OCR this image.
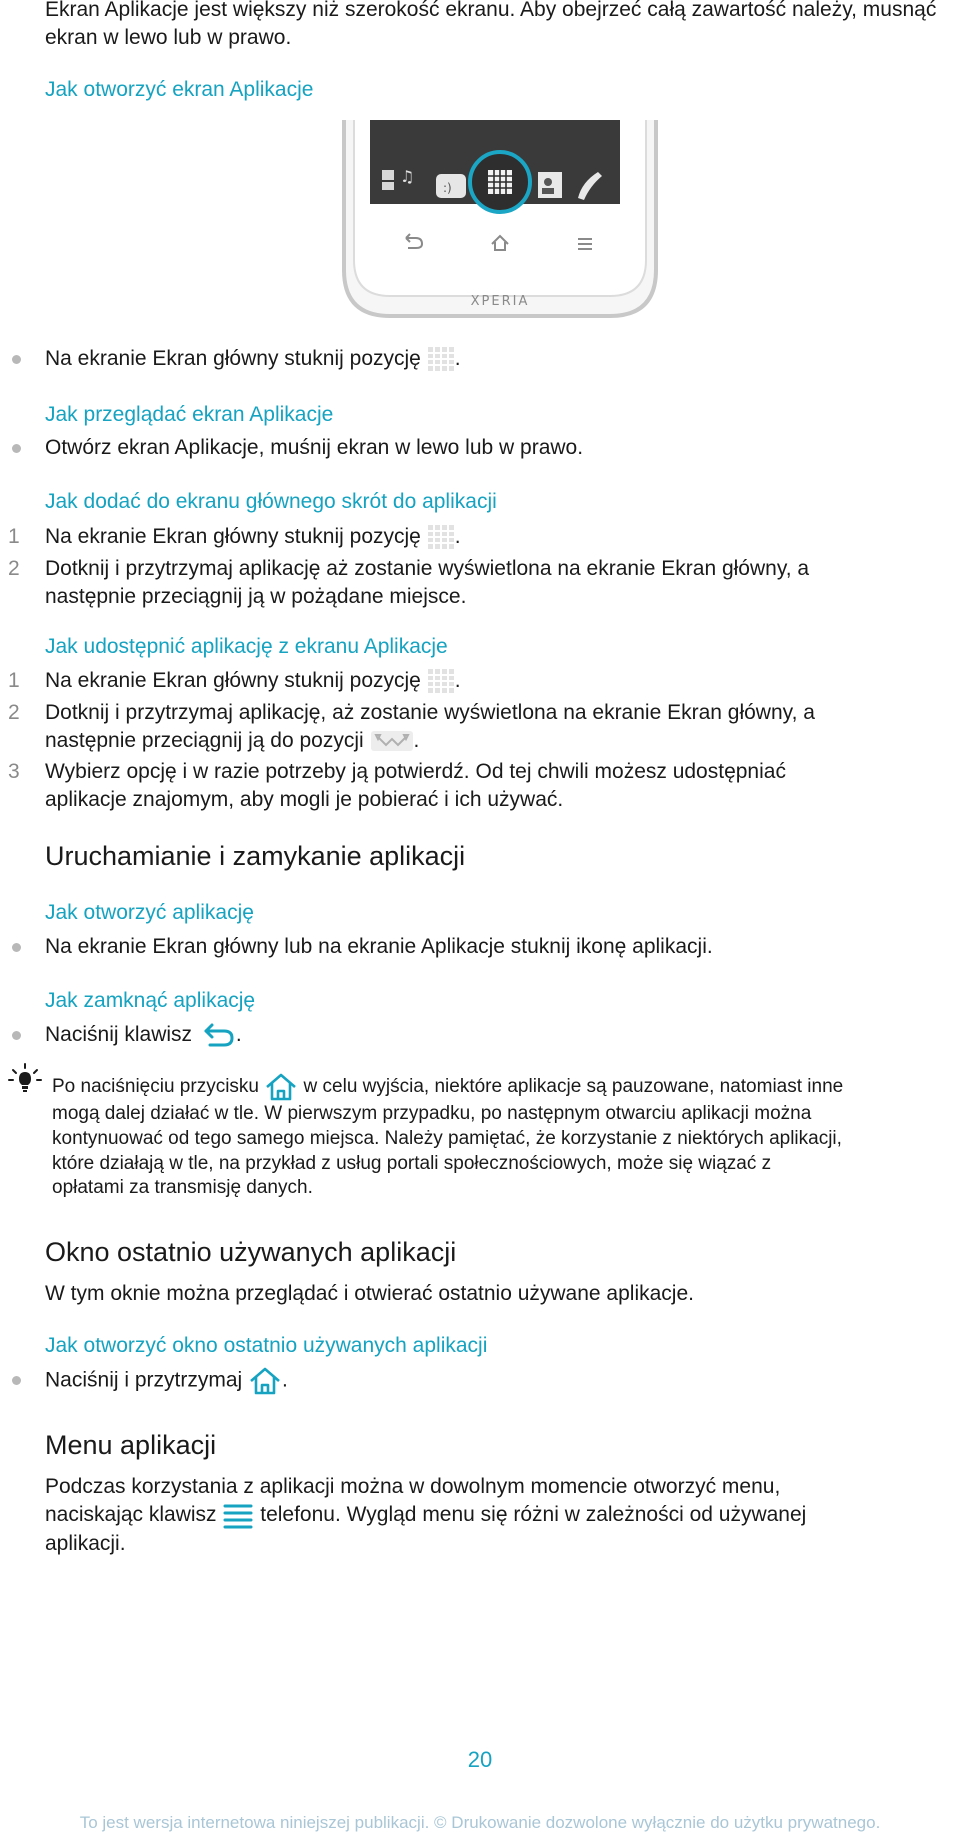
Ekran Aplikacje jest większy niż szerokość ekranu. Aby obejrzeć całą zawartość należy, musnąć ekran w lewo lub w prawo.
Jak otworzyć ekran Aplikacje
♫
:)
XPERIA
Na ekranie Ekran główny stuknij pozycję .
Jak przeglądać ekran Aplikacje
Otwórz ekran Aplikacje, muśnij ekran w lewo lub w prawo.
Jak dodać do ekranu głównego skrót do aplikacji
1 Na ekranie Ekran główny stuknij pozycję .
2 Dotknij i przytrzymaj aplikację aż zostanie wyświetlona na ekranie Ekran główny, a
następnie przeciągnij ją w pożądane miejsce.
Jak udostępnić aplikację z ekranu Aplikacje
1 Na ekranie Ekran główny stuknij pozycję .
2 Dotknij i przytrzymaj aplikację, aż zostanie wyświetlona na ekranie Ekran główny, a
następnie przeciągnij ją do pozycji .
3 Wybierz opcję i w razie potrzeby ją potwierdź. Od tej chwili możesz udostępniać
aplikacje znajomym, aby mogli je pobierać i ich używać.
Uruchamianie i zamykanie aplikacji
Jak otworzyć aplikację
Na ekranie Ekran główny lub na ekranie Aplikacje stuknij ikonę aplikacji.
Jak zamknąć aplikację
Naciśnij klawisz .
Po naciśnięciu przycisku  w celu wyjścia, niektóre aplikacje są pauzowane, natomiast inne
mogą dalej działać w tle. W pierwszym przypadku, po następnym otwarciu aplikacji można
kontynuować od tego samego miejsca. Należy pamiętać, że korzystanie z niektórych aplikacji,
które działają w tle, na przykład z usług portali społecznościowych, może się wiązać z
opłatami za transmisję danych.
Okno ostatnio używanych aplikacji
W tym oknie można przeglądać i otwierać ostatnio używane aplikacje.
Jak otworzyć okno ostatnio używanych aplikacji
Naciśnij i przytrzymaj .
Menu aplikacji
Podczas korzystania z aplikacji można w dowolnym momencie otworzyć menu,
naciskając klawisz  telefonu. Wygląd menu się różni w zależności od używanej
aplikacji.
20
To jest wersja internetowa niniejszej publikacji. © Drukowanie dozwolone wyłącznie do użytku prywatnego.
